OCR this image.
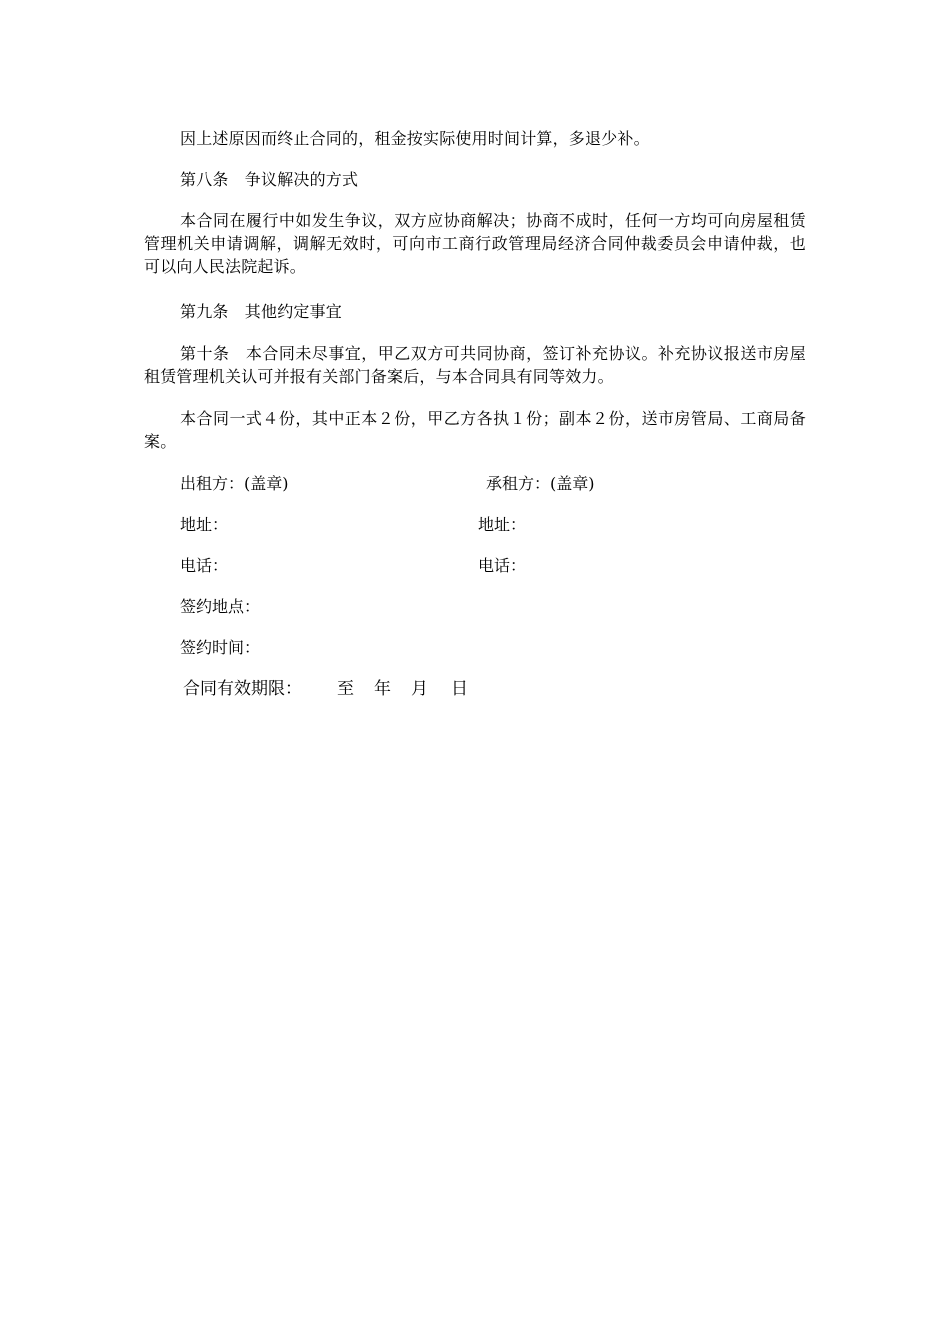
因上述原因而终止合同的，租金按实际使用时间计算，多退少补。
第八条　争议解决的方式
本合同在履行中如发生争议，双方应协商解决；协商不成时，任何一方均可向房屋租赁管理机关申请调解，调解无效时，可向市工商行政管理局经济合同仲裁委员会申请仲裁，也可以向人民法院起诉。
第九条　其他约定事宜
第十条　本合同未尽事宜，甲乙双方可共同协商，签订补充协议。补充协议报送市房屋租赁管理机关认可并报有关部门备案后，与本合同具有同等效力。
本合同一式４份，其中正本２份，甲乙方各执１份；副本２份，送市房管局、工商局备案。
出租方：(盖章)	承租方：(盖章)
地址：	地址：
电话：	电话：
签约地点：
签约时间：
合同有效期限： 至 年 月 日
